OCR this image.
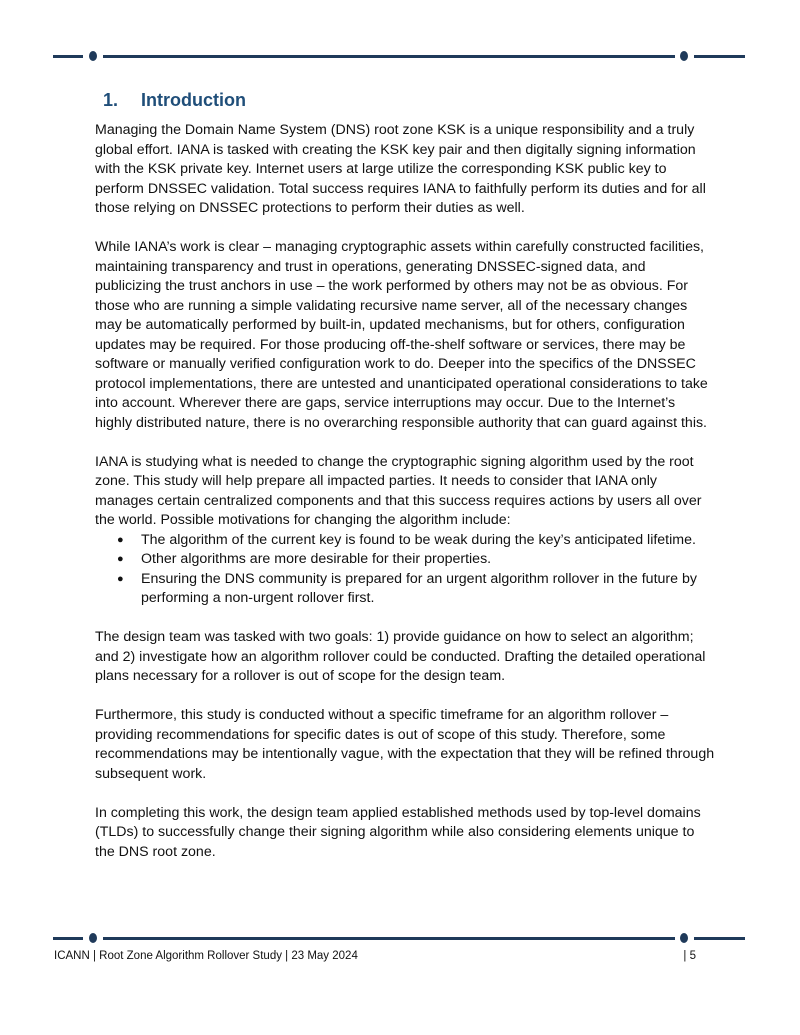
1. Introduction

Managing the Domain Name System (DNS) root zone KSK is a unique responsibility and a truly global effort. IANA is tasked with creating the KSK key pair and then digitally signing information with the KSK private key. Internet users at large utilize the corresponding KSK public key to perform DNSSEC validation. Total success requires IANA to faithfully perform its duties and for all those relying on DNSSEC protections to perform their duties as well.

While IANA’s work is clear – managing cryptographic assets within carefully constructed facilities, maintaining transparency and trust in operations, generating DNSSEC-signed data, and publicizing the trust anchors in use – the work performed by others may not be as obvious. For those who are running a simple validating recursive name server, all of the necessary changes may be automatically performed by built-in, updated mechanisms, but for others, configuration updates may be required. For those producing off-the-shelf software or services, there may be software or manually verified configuration work to do. Deeper into the specifics of the DNSSEC protocol implementations, there are untested and unanticipated operational considerations to take into account. Wherever there are gaps, service interruptions may occur. Due to the Internet’s highly distributed nature, there is no overarching responsible authority that can guard against this.

IANA is studying what is needed to change the cryptographic signing algorithm used by the root zone. This study will help prepare all impacted parties. It needs to consider that IANA only manages certain centralized components and that this success requires actions by users all over the world. Possible motivations for changing the algorithm include:

● The algorithm of the current key is found to be weak during the key’s anticipated lifetime.
● Other algorithms are more desirable for their properties.
● Ensuring the DNS community is prepared for an urgent algorithm rollover in the future by performing a non-urgent rollover first.

The design team was tasked with two goals: 1) provide guidance on how to select an algorithm; and 2) investigate how an algorithm rollover could be conducted. Drafting the detailed operational plans necessary for a rollover is out of scope for the design team.

Furthermore, this study is conducted without a specific timeframe for an algorithm rollover – providing recommendations for specific dates is out of scope of this study. Therefore, some recommendations may be intentionally vague, with the expectation that they will be refined through subsequent work.

In completing this work, the design team applied established methods used by top-level domains (TLDs) to successfully change their signing algorithm while also considering elements unique to the DNS root zone.

ICANN | Root Zone Algorithm Rollover Study | 23 May 2024	| 5
